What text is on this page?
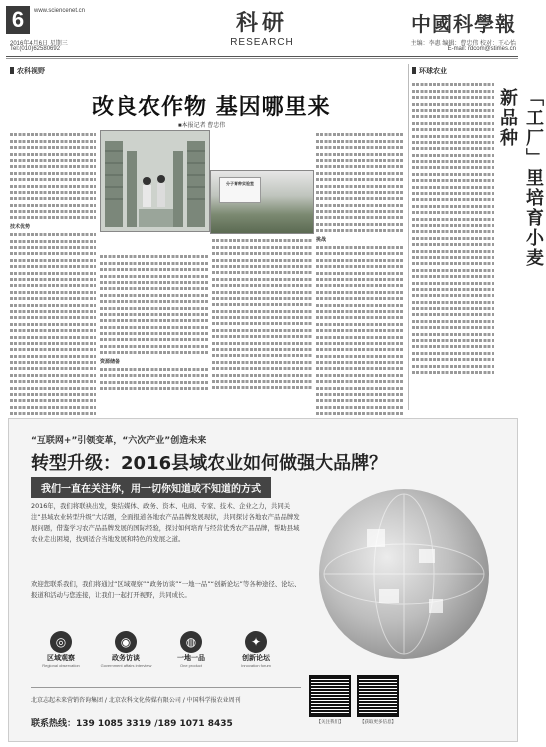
6	www.sciencenet.cn
2016年4月6日 星期三
Tel:(010)62580692
科研
RESEARCH
中國科學報
主编：李惠 编辑：曹忠伟 校对：王心怡
E-mail: rdcom@stimes.cn
农科视野
改良农作物 基因哪里来
■本报记者 曹忠伟
技术优势
资源储备
分子育种实验室
挑战
环球农业
「工厂」里培育小麦新品种
“互联网+”引领变革，“六次产业”创造未来
转型升级：2016县域农业如何做强大品牌？
我们一直在关注你，用一切你知道或不知道的方式
2016年，我们将联袂出发，集结媒体、政务、资本、电商、专家、技术、企业之力，共同关注“县域农业转型升级”大话题，全面报道各地农产品品牌发展现状，共同探讨各地农产品品牌发展问题，借鉴学习农产品品牌发展的国际经验，探讨如何培育与经营优秀农产品品牌，帮助县域农业走出困境，找到适合当地发展和特色的发展之道。
欢迎您联系我们，我们将通过“区域观察”“政务访谈”“一地一品”“创新论坛”等各种途径、论坛、报道和活动与您连接，让我们一起打开视野，共同成长。
◎
区域观察
Regional observation
◉
政务访谈
Government affairs interview
◍
一地一品
One product
✦
创新论坛
Innovation forum
北京志起未来营销咨询集团 / 北京农科文化传媒有限公司 / 中国科学报农业周刊
联系热线：139 1085 3319 /189 1071 8435	【关注我们】	【获取更多信息】
